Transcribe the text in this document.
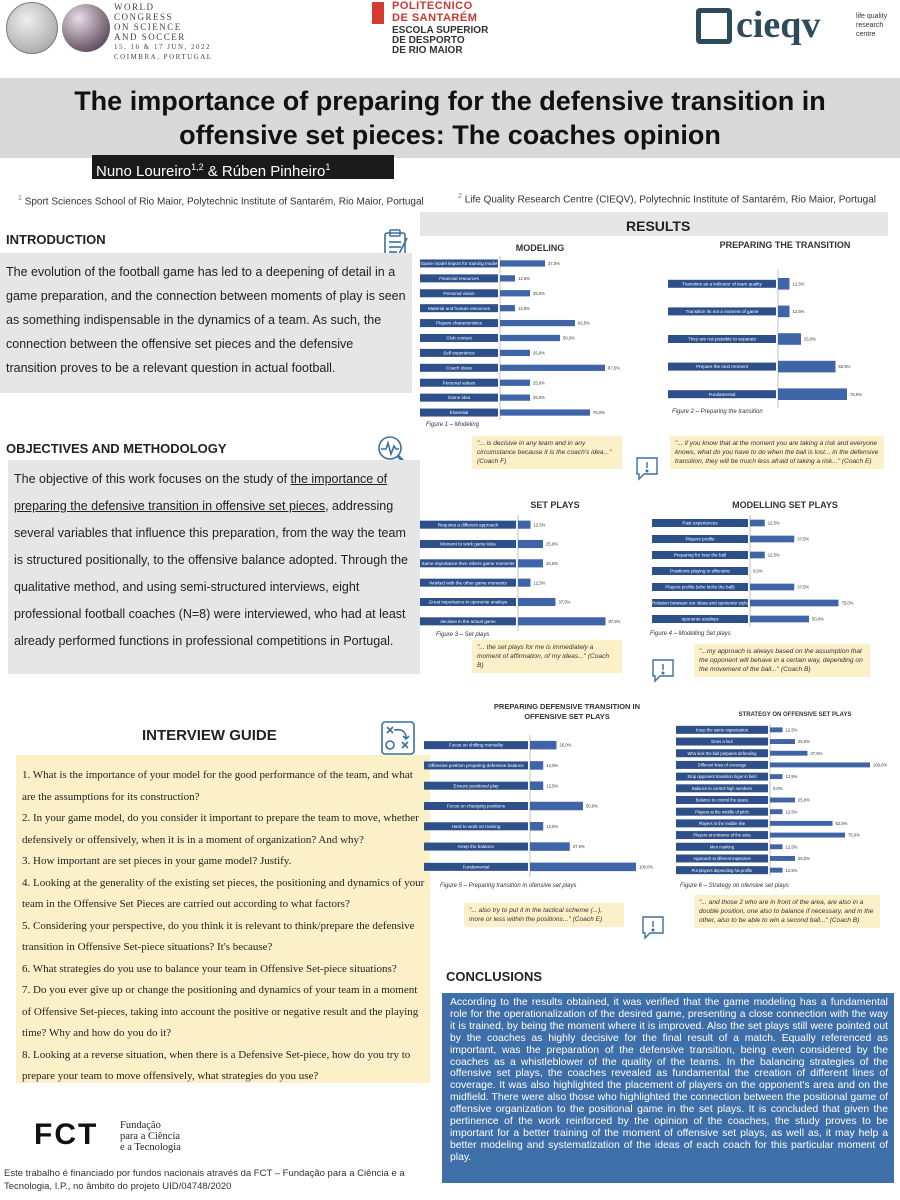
WORLD
CONGRESS
ON SCIENCE
AND SOCCER
15, 16 & 17 JUN, 2022
COIMBRA, PORTUGAL
POLITECNICO
DE SANTARÉM
ESCOLA SUPERIOR
DE DESPORTO
DE RIO MAIOR
cieqv	life quality research centre
The importance of preparing for the defensive transition in offensive set pieces: The coaches opinion
Nuno Loureiro$^{1,2}$ & Rúben Pinheiro$^1$
$^1$ Sport Sciences School of Rio Maior, Polytechnic Institute of Santarém, Rio Maior, Portugal	$^2$ Life Quality Research Centre (CIEQV), Polytechnic Institute of Santarém, Rio Maior, Portugal
INTRODUCTION
The evolution of the football game has led to a deepening of detail in a game preparation, and the connection between moments of play is seen as something indispensable in the dynamics of a team. As such, the connection between the offensive set pieces and the defensive transition proves to be a relevant question in actual football.
OBJECTIVES AND METHODOLOGY
The objective of this work focuses on the study of the importance of preparing the defensive transition in offensive set pieces, addressing several variables that influence this preparation, from the way the team is structured positionally, to the offensive balance adopted. Through the qualitative method, and using semi-structured interviews, eight professional football coaches (N=8) were interviewed, who had at least already performed functions in professional competitions in Portugal.
INTERVIEW GUIDE
1. What is the importance of your model for the good performance of the team, and what are the assumptions for its construction?
2. In your game model, do you consider it important to prepare the team to move, whether defensively or offensively, when it is in a moment of organization? And why?
3. How important are set pieces in your game model? Justify.
4. Looking at the generality of the existing set pieces, the positioning and dynamics of your team in the Offensive Set Pieces are carried out according to what factors?
5. Considering your perspective, do you think it is relevant to think/prepare the defensive transition in Offensive Set-piece situations? It's because?
6. What strategies do you use to balance your team in Offensive Set-piece situations?
7. Do you ever give up or change the positioning and dynamics of your team in a moment of Offensive Set-pieces, taking into account the positive or negative result and the playing time? Why and how do you do it?
8. Looking at a reverse situation, when there is a Defensive Set-piece, how do you try to prepare your team to move offensively, what strategies do you use?
FCT Fundação
para a Ciência
e a Tecnologia
Este trabalho é financiado por fundos nacionais através da FCT – Fundação para a Ciência e a Tecnologia, I.P., no âmbito do projeto UID/04748/2020
RESULTS
MODELING
Game model import for training model	37,5%
Financial resources	12,5%
Personal vision	25,0%
Material and human resources	12,5%
Players characteristics	62,5%
Club context	50,0%
Self experience	25,0%
Coach Ideas	87,5%
Personal values	25,0%
Game idea	25,0%
Essential	75,0%
Figure 1 – Modeling
PREPARING THE TRANSITION
Transition as a indicator of team quality	12,5%
Transition its not a moment of game	12,5%
They are not possible to separate	25,0%
Prepare the next moment	62,5%
Fundamental	75,0%
Figure 2 – Preparing the transition
"... is decisive in any team and in any circumstance because it is the coach's idea..." (Coach F)
"... if you know that at the moment you are taking a risk and everyone knows, what do you have to do when the ball is lost... in the defensive transition, they will be much less afraid of taking a risk..." (Coach E)
SET PLAYS
Requires a different approach	12,5%
Moment to work game idea	25,0%
Same importance then others game moments	25,0%
Worked with the other game moments	12,5%
Great importance in oponente analisys	37,5%
decisive in the actual game	87,5%
Figure 3 – Set plays
MODELLING SET PLAYS
Past experiences	12,5%
Players profile	37,5%
Preparing for lose the ball	12,5%
Positionis playing in offensive	0,0%
Players profile (who kicks the ball)	37,5%
Relation between our ideas and oponente style	75,0%
oponente analisys	50,0%
Figure 4 – Modelling Set plays
"... the set plays for me is immediately a moment of affirmation, of my ideas..." (Coach B)
"...my approach is always based on the assumption that the opponent will behave in a certain way, depending on the movement of the ball..." (Coach B)
PREPARING DEFENSIVE TRANSITION IN OFFENSIVE SET PLAYS
Focus on shifting mentality	25,0%
Offensive position preparing defensive balance	12,5%
Ensure positional play	12,5%
Focus on changing positions	50,0%
Hard to work on training	12,5%
Keep the balance	37,5%
Fundamental	100,0%
Figure 5 – Preparing transition in ofensive set plays
STRATEGY ON OFFENSIVE SET PLAYS
Keep the same organization	12,5%
Does a foul	25,0%
Who kick the ball prepares defending	37,5%
Different lines of coverage	100,0%
Stop opponent transition higer in field	12,5%
Balance to control high numbers	0,0%
Balance to control the space	25,0%
Players at the middle of pitch	12,5%
Players in the middle line	62,5%
Players at entrance of the area	75,0%
Men marking	12,5%
Approach to diferent trajetories	25,0%
Put players depending his profile	12,5%
Figure 6 – Strategy on ofensive set plays
"... also try to put it in the tactical scheme (...), more or less within the positions..." (Coach E)
"... and those 2 who are in front of the area, are also in a double position, one also to balance if necessary, and in the other, also to be able to win a second ball..." (Coach B)
CONCLUSIONS
According to the results obtained, it was verified that the game modeling has a fundamental role for the operationalization of the desired game, presenting a close connection with the way it is trained, by being the moment where it is improved. Also the set plays still were pointed out by the coaches as highly decisive for the final result of a match. Equally referenced as important, was the preparation of the defensive transition, being even considered by the coaches as a whistleblower of the quality of the teams. In the balancing strategies of the offensive set plays, the coaches revealed as fundamental the creation of different lines of coverage. It was also highlighted the placement of players on the opponent's area and on the midfield. There were also those who highlighted the connection between the positional game of offensive organization to the positional game in the set plays. It is concluded that given the pertinence of the work reinforced by the opinion of the coaches, the study proves to be important for a better training of the moment of offensive set plays, as well as, it may help a better modeling and systematization of the ideas of each coach for this particular moment of play.
